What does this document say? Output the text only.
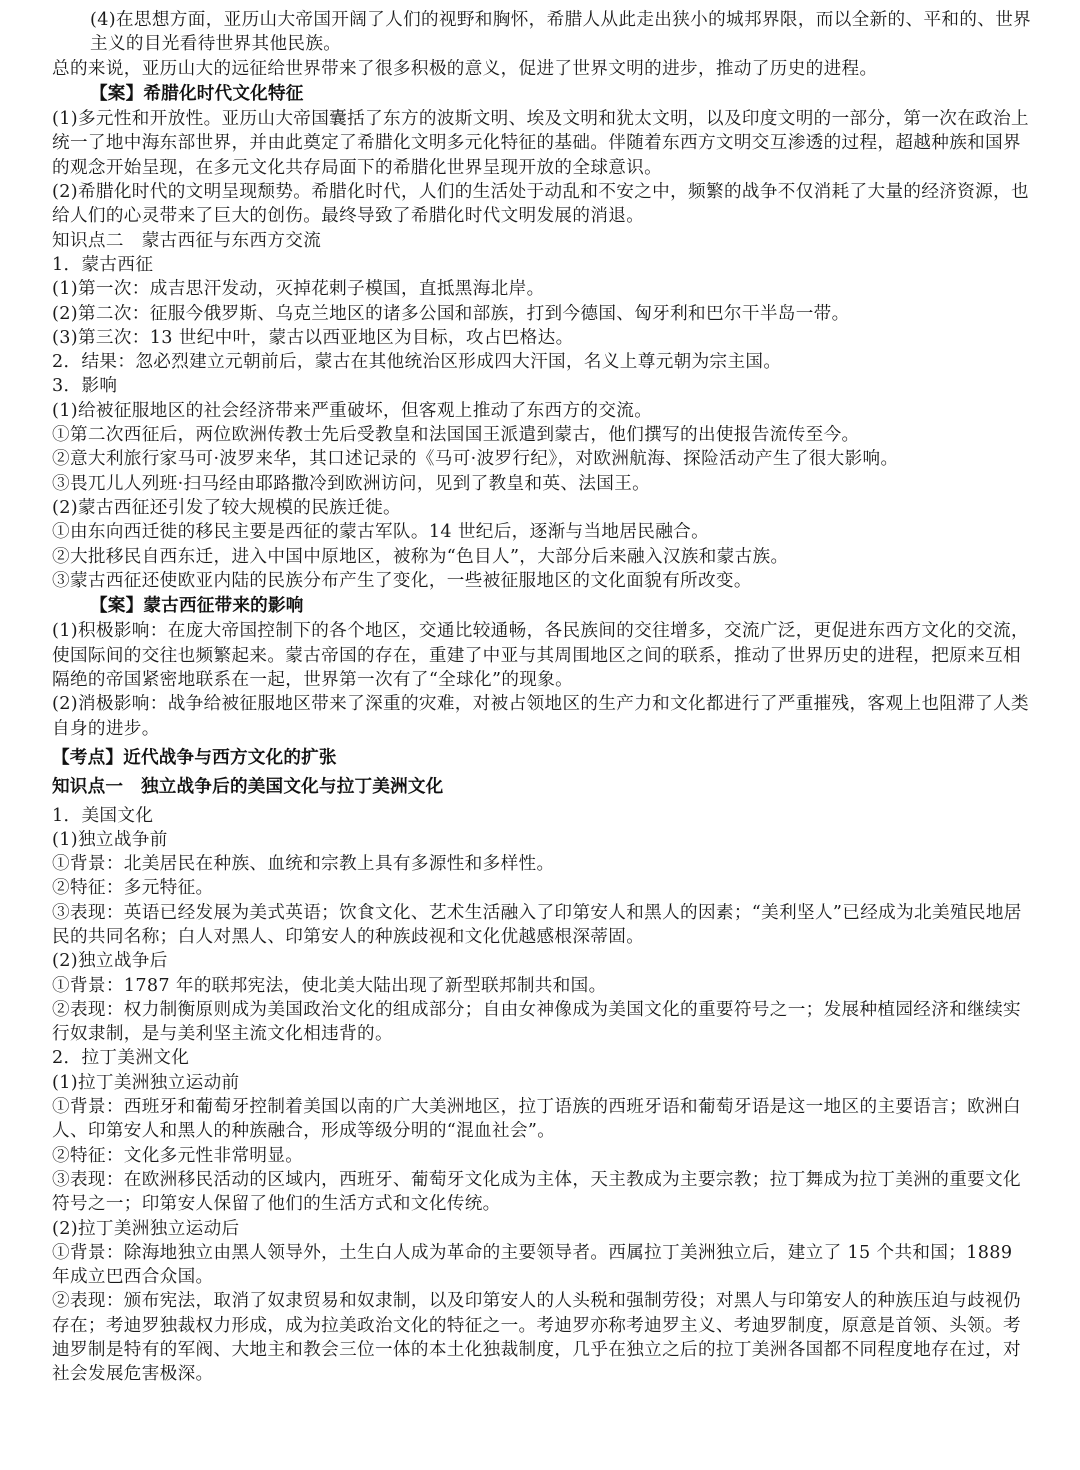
(4)在思想方面，亚历山大帝国开阔了人们的视野和胸怀，希腊人从此走出狭小的城邦界限，而以全新的、平和的、世界主义的目光看待世界其他民族。
总的来说，亚历山大的远征给世界带来了很多积极的意义，促进了世界文明的进步，推动了历史的进程。
【案】希腊化时代文化特征
(1)多元性和开放性。亚历山大帝国囊括了东方的波斯文明、埃及文明和犹太文明，以及印度文明的一部分，第一次在政治上统一了地中海东部世界，并由此奠定了希腊化文明多元化特征的基础。伴随着东西方文明交互渗透的过程，超越种族和国界的观念开始呈现，在多元文化共存局面下的希腊化世界呈现开放的全球意识。
(2)希腊化时代的文明呈现颓势。希腊化时代，人们的生活处于动乱和不安之中，频繁的战争不仅消耗了大量的经济资源，也给人们的心灵带来了巨大的创伤。最终导致了希腊化时代文明发展的消退。
知识点二　蒙古西征与东西方交流
1．蒙古西征
(1)第一次：成吉思汗发动，灭掉花剌子模国，直抵黑海北岸。
(2)第二次：征服今俄罗斯、乌克兰地区的诸多公国和部族，打到今德国、匈牙利和巴尔干半岛一带。
(3)第三次：13 世纪中叶，蒙古以西亚地区为目标，攻占巴格达。
2．结果：忽必烈建立元朝前后，蒙古在其他统治区形成四大汗国，名义上尊元朝为宗主国。
3．影响
(1)给被征服地区的社会经济带来严重破坏，但客观上推动了东西方的交流。
①第二次西征后，两位欧洲传教士先后受教皇和法国国王派遣到蒙古，他们撰写的出使报告流传至今。
②意大利旅行家马可·波罗来华，其口述记录的《马可·波罗行纪》，对欧洲航海、探险活动产生了很大影响。
③畏兀儿人列班·扫马经由耶路撒冷到欧洲访问，见到了教皇和英、法国王。
(2)蒙古西征还引发了较大规模的民族迁徙。
①由东向西迁徙的移民主要是西征的蒙古军队。14 世纪后，逐渐与当地居民融合。
②大批移民自西东迁，进入中国中原地区，被称为“色目人”，大部分后来融入汉族和蒙古族。
③蒙古西征还使欧亚内陆的民族分布产生了变化，一些被征服地区的文化面貌有所改变。
【案】蒙古西征带来的影响
(1)积极影响：在庞大帝国控制下的各个地区，交通比较通畅，各民族间的交往增多，交流广泛，更促进东西方文化的交流，使国际间的交往也频繁起来。蒙古帝国的存在，重建了中亚与其周围地区之间的联系，推动了世界历史的进程，把原来互相隔绝的帝国紧密地联系在一起，世界第一次有了“全球化”的现象。
(2)消极影响：战争给被征服地区带来了深重的灾难，对被占领地区的生产力和文化都进行了严重摧残，客观上也阻滞了人类自身的进步。
【考点】近代战争与西方文化的扩张
知识点一　独立战争后的美国文化与拉丁美洲文化
1．美国文化
(1)独立战争前
①背景：北美居民在种族、血统和宗教上具有多源性和多样性。
②特征：多元特征。
③表现：英语已经发展为美式英语；饮食文化、艺术生活融入了印第安人和黑人的因素；“美利坚人”已经成为北美殖民地居民的共同名称；白人对黑人、印第安人的种族歧视和文化优越感根深蒂固。
(2)独立战争后
①背景：1787 年的联邦宪法，使北美大陆出现了新型联邦制共和国。
②表现：权力制衡原则成为美国政治文化的组成部分；自由女神像成为美国文化的重要符号之一；发展种植园经济和继续实行奴隶制，是与美利坚主流文化相违背的。
2．拉丁美洲文化
(1)拉丁美洲独立运动前
①背景：西班牙和葡萄牙控制着美国以南的广大美洲地区，拉丁语族的西班牙语和葡萄牙语是这一地区的主要语言；欧洲白人、印第安人和黑人的种族融合，形成等级分明的“混血社会”。
②特征：文化多元性非常明显。
③表现：在欧洲移民活动的区域内，西班牙、葡萄牙文化成为主体，天主教成为主要宗教；拉丁舞成为拉丁美洲的重要文化符号之一；印第安人保留了他们的生活方式和文化传统。
(2)拉丁美洲独立运动后
①背景：除海地独立由黑人领导外，土生白人成为革命的主要领导者。西属拉丁美洲独立后，建立了 15 个共和国；1889 年成立巴西合众国。
②表现：颁布宪法，取消了奴隶贸易和奴隶制，以及印第安人的人头税和强制劳役；对黑人与印第安人的种族压迫与歧视仍存在；考迪罗独裁权力形成，成为拉美政治文化的特征之一。考迪罗亦称考迪罗主义、考迪罗制度，原意是首领、头领。考迪罗制是特有的军阀、大地主和教会三位一体的本土化独裁制度，几乎在独立之后的拉丁美洲各国都不同程度地存在过，对社会发展危害极深。
